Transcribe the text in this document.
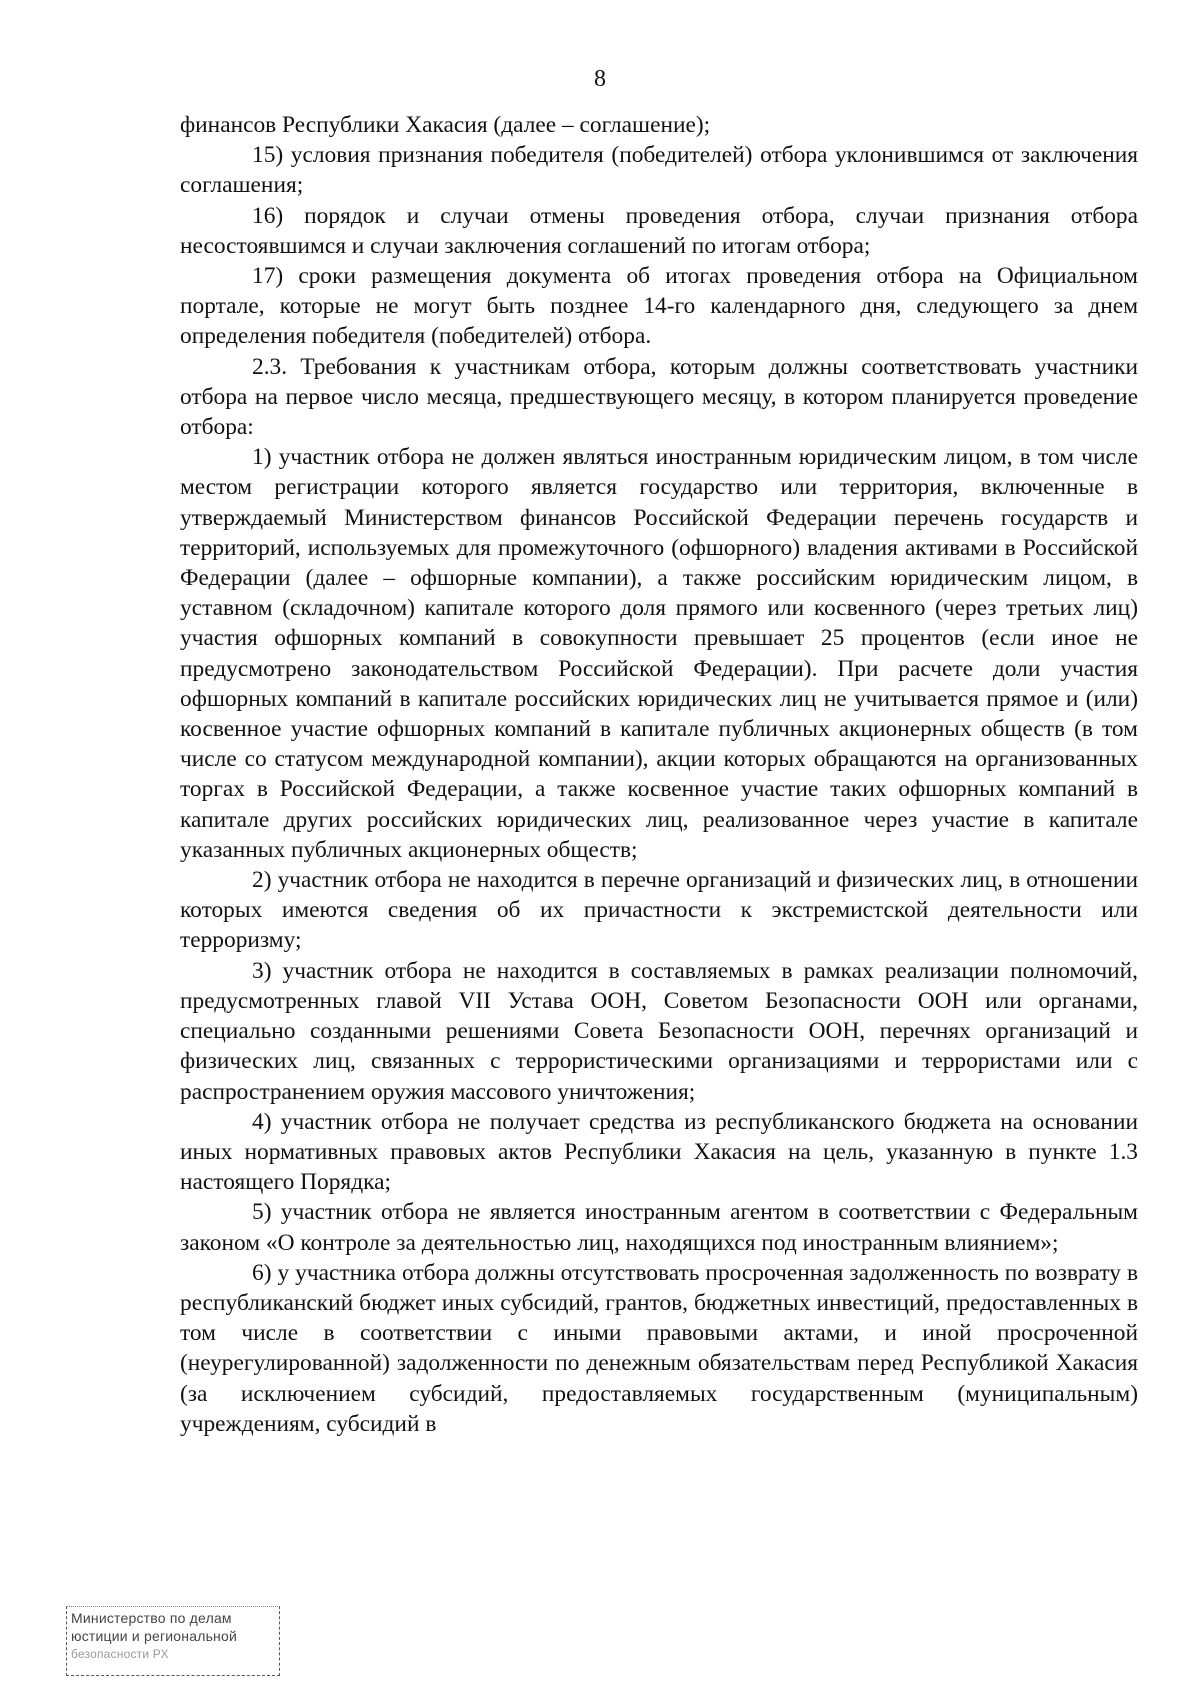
8

финансов Республики Хакасия (далее – соглашение);

15) условия признания победителя (победителей) отбора уклонившимся от заключения соглашения;

16) порядок и случаи отмены проведения отбора, случаи признания отбора несостоявшимся и случаи заключения соглашений по итогам отбора;

17) сроки размещения документа об итогах проведения отбора на Официальном портале, которые не могут быть позднее 14-го календарного дня, следующего за днем определения победителя (победителей) отбора.

2.3. Требования к участникам отбора, которым должны соответствовать участники отбора на первое число месяца, предшествующего месяцу, в котором планируется проведение отбора:

1) участник отбора не должен являться иностранным юридическим лицом, в том числе местом регистрации которого является государство или территория, включенные в утверждаемый Министерством финансов Российской Федерации перечень государств и территорий, используемых для промежуточного (офшорного) владения активами в Российской Федерации (далее – офшорные компании), а также российским юридическим лицом, в уставном (складочном) капитале которого доля прямого или косвенного (через третьих лиц) участия офшорных компаний в совокупности превышает 25 процентов (если иное не предусмотрено законодательством Российской Федерации). При расчете доли участия офшорных компаний в капитале российских юридических лиц не учитывается прямое и (или) косвенное участие офшорных компаний в капитале публичных акционерных обществ (в том числе со статусом международной компании), акции которых обращаются на организованных торгах в Российской Федерации, а также косвенное участие таких офшорных компаний в капитале других российских юридических лиц, реализованное через участие в капитале указанных публичных акционерных обществ;

2) участник отбора не находится в перечне организаций и физических лиц, в отношении которых имеются сведения об их причастности к экстремистской деятельности или терроризму;

3) участник отбора не находится в составляемых в рамках реализации полномочий, предусмотренных главой VII Устава ООН, Советом Безопасности ООН или органами, специально созданными решениями Совета Безопасности ООН, перечнях организаций и физических лиц, связанных с террористическими организациями и террористами или с распространением оружия массового уничтожения;

4) участник отбора не получает средства из республиканского бюджета на основании иных нормативных правовых актов Республики Хакасия на цель, указанную в пункте 1.3 настоящего Порядка;

5) участник отбора не является иностранным агентом в соответствии с Федеральным законом «О контроле за деятельностью лиц, находящихся под иностранным влиянием»;

6) у участника отбора должны отсутствовать просроченная задолженность по возврату в республиканский бюджет иных субсидий, грантов, бюджетных инвестиций, предоставленных в том числе в соответствии с иными правовыми актами, и иной просроченной (неурегулированной) задолженности по денежным обязательствам перед Республикой Хакасия (за исключением субсидий, предоставляемых государственным (муниципальным) учреждениям, субсидий в

Министерство по делам
юстиции и региональной
безопасности РХ
